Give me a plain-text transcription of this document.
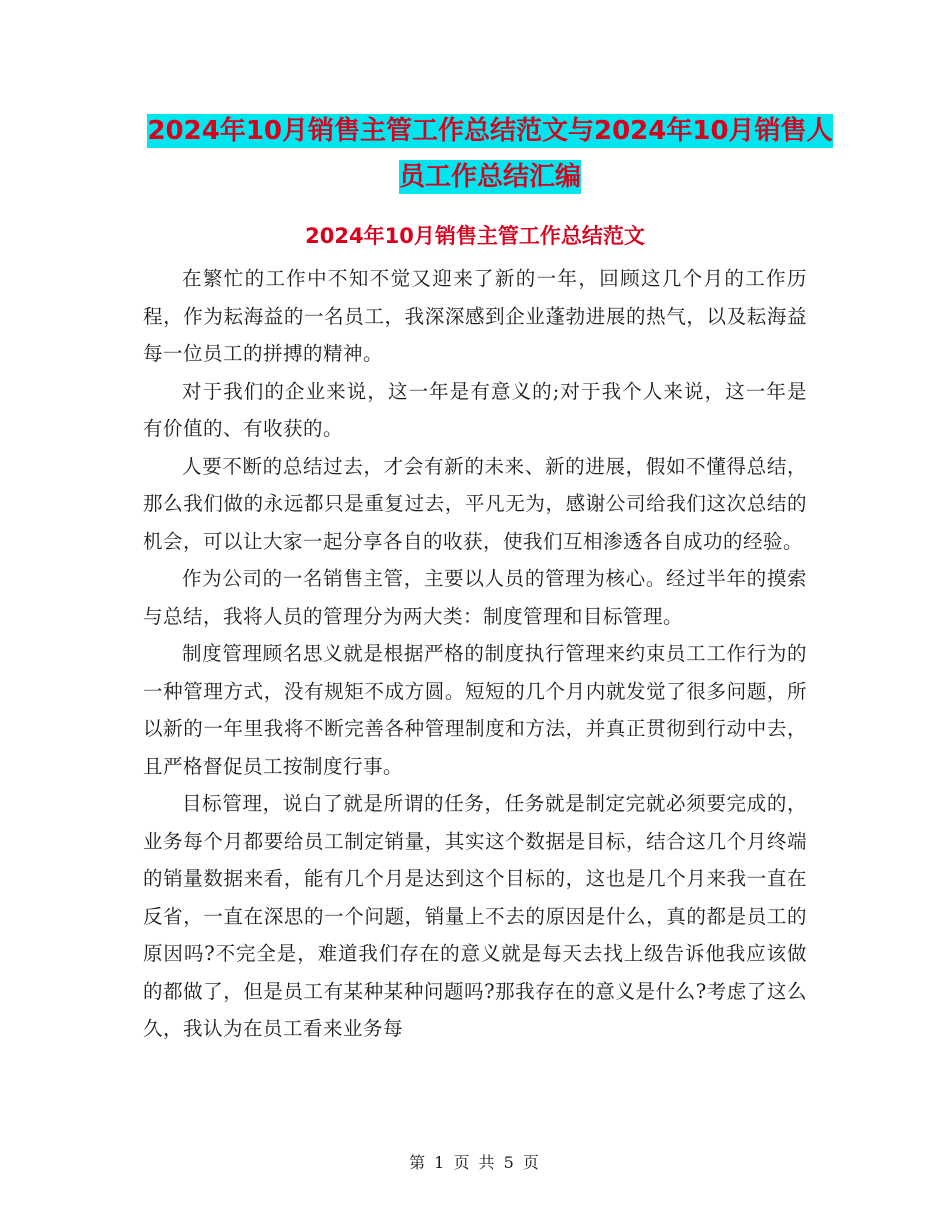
2024年10月销售主管工作总结范文与2024年10月销售人员工作总结汇编
2024年10月销售主管工作总结范文

在繁忙的工作中不知不觉又迎来了新的一年，回顾这几个月的工作历程，作为耘海益的一名员工，我深深感到企业蓬勃进展的热气，以及耘海益每一位员工的拼搏的精神。

对于我们的企业来说，这一年是有意义的;对于我个人来说，这一年是有价值的、有收获的。

人要不断的总结过去，才会有新的未来、新的进展，假如不懂得总结，那么我们做的永远都只是重复过去，平凡无为，感谢公司给我们这次总结的机会，可以让大家一起分享各自的收获，使我们互相渗透各自成功的经验。

作为公司的一名销售主管，主要以人员的管理为核心。经过半年的摸索与总结，我将人员的管理分为两大类：制度管理和目标管理。

制度管理顾名思义就是根据严格的制度执行管理来约束员工工作行为的一种管理方式，没有规矩不成方圆。短短的几个月内就发觉了很多问题，所以新的一年里我将不断完善各种管理制度和方法，并真正贯彻到行动中去，且严格督促员工按制度行事。

目标管理，说白了就是所谓的任务，任务就是制定完就必须要完成的，业务每个月都要给员工制定销量，其实这个数据是目标，结合这几个月终端的销量数据来看，能有几个月是达到这个目标的，这也是几个月来我一直在反省，一直在深思的一个问题，销量上不去的原因是什么，真的都是员工的原因吗?不完全是，难道我们存在的意义就是每天去找上级告诉他我应该做的都做了，但是员工有某种某种问题吗?那我存在的意义是什么?考虑了这么久，我认为在员工看来业务每

第 1 页 共 5 页
